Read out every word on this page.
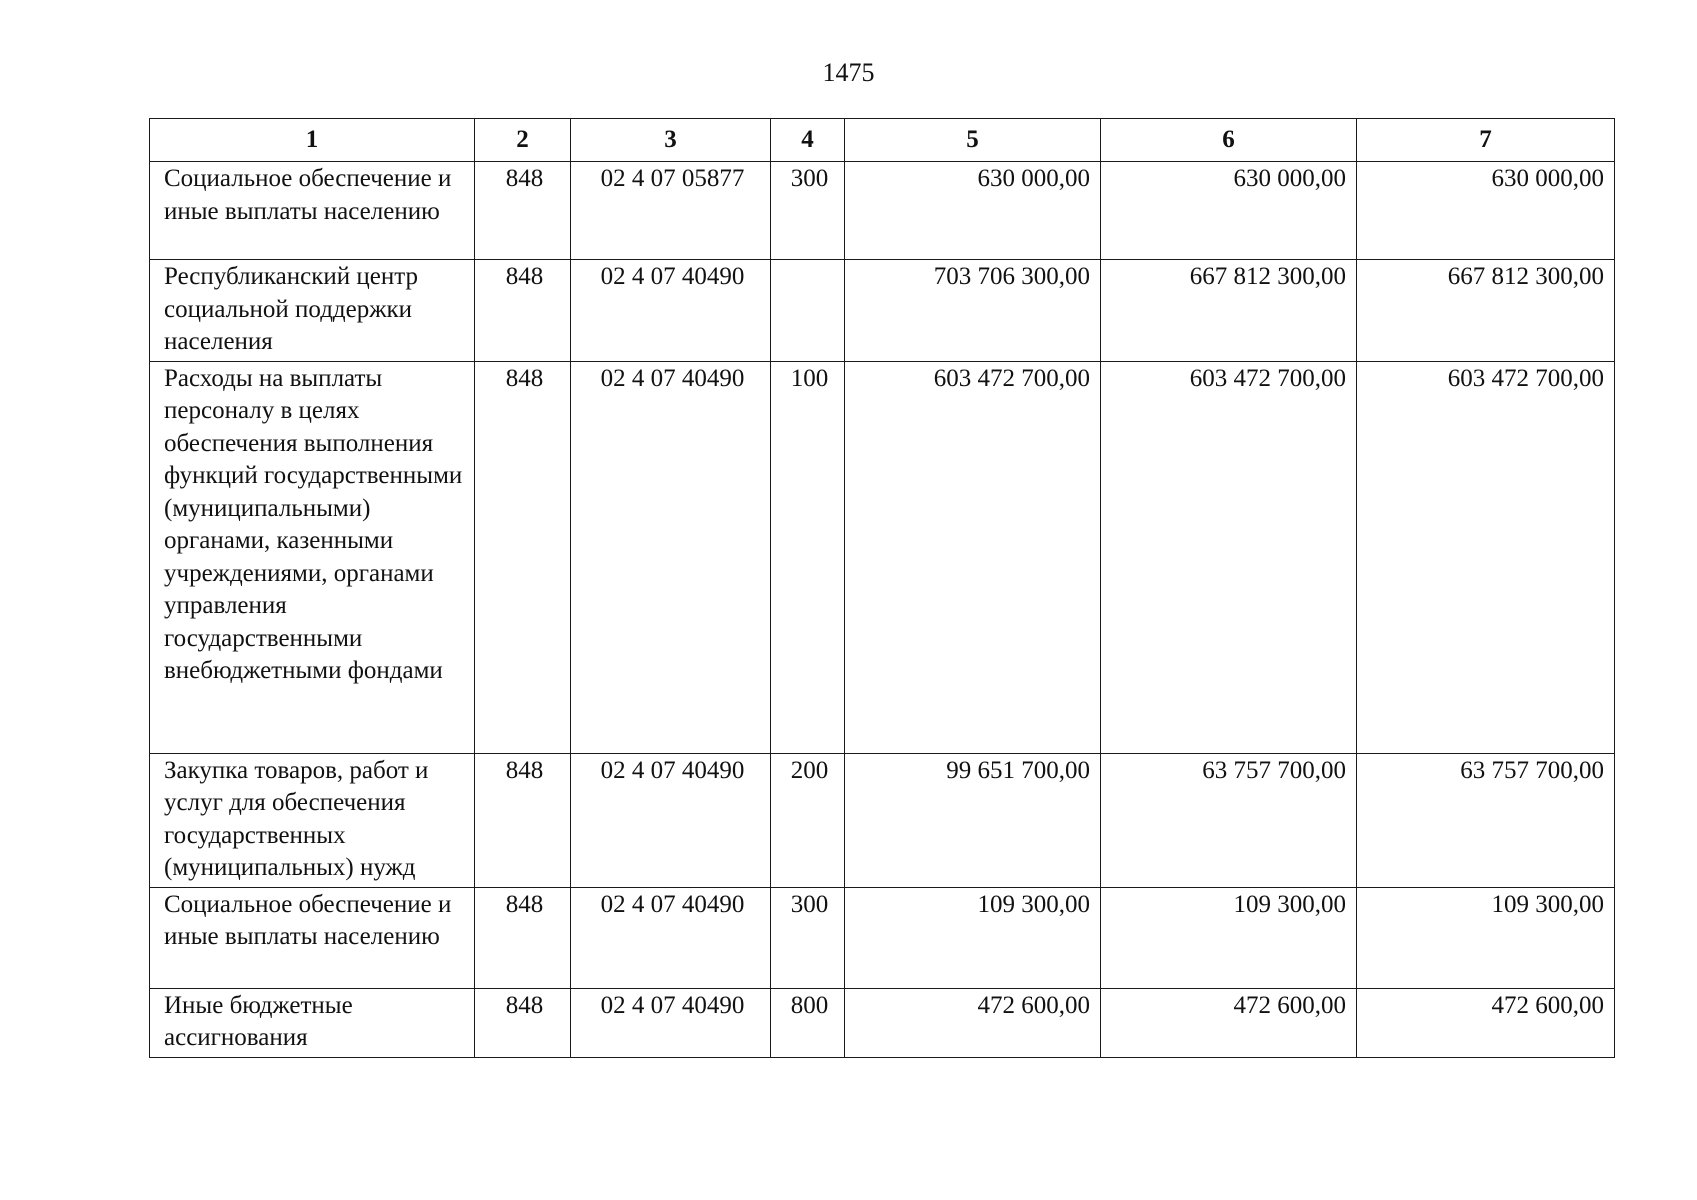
1475
1	2	3	4	5	6	7
Социальное обеспечение и иные выплаты населению	848	02 4 07 05877	300	630 000,00	630 000,00	630 000,00
Республиканский центр социальной поддержки населения	848	02 4 07 40490		703 706 300,00	667 812 300,00	667 812 300,00
Расходы на выплаты персоналу в целях обеспечения выполнения функций государственными (муниципальными) органами, казенными учреждениями, органами управления государственными внебюджетными фондами	848	02 4 07 40490	100	603 472 700,00	603 472 700,00	603 472 700,00
Закупка товаров, работ и услуг для обеспечения государственных (муниципальных) нужд	848	02 4 07 40490	200	99 651 700,00	63 757 700,00	63 757 700,00
Социальное обеспечение и иные выплаты населению	848	02 4 07 40490	300	109 300,00	109 300,00	109 300,00
Иные бюджетные ассигнования	848	02 4 07 40490	800	472 600,00	472 600,00	472 600,00
